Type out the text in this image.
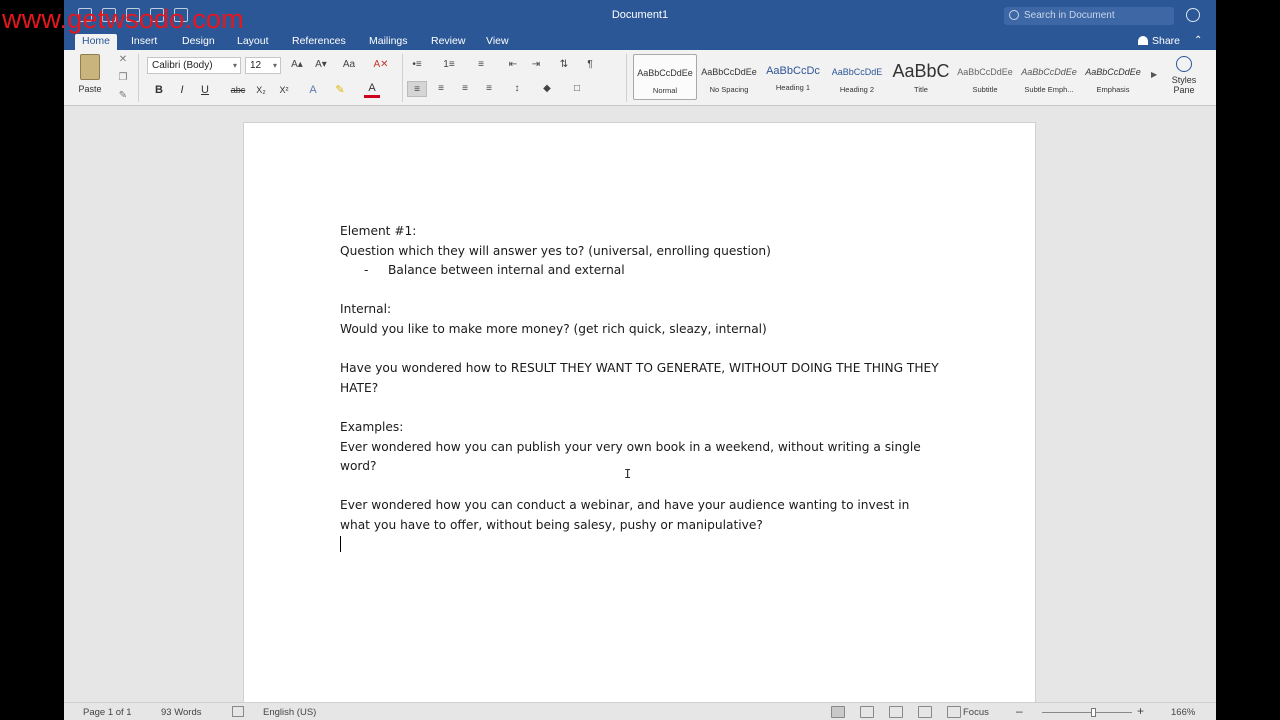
Document1	Search in Document
Home	Insert	Design	Layout	References	Mailings	Review	View	Share ⌃
Paste
✕
❐
✎
Calibri (Body)	▾	12 ▾	A▴	A▾	Aa	A✕
B	I	U	abc	X₂	X²	A	✎	A
•≡	1≡	≡	⇤	⇥	⇅	¶
≡	≡	≡	≡	↕	◆	□
AaBbCcDdEe
Normal
AaBbCcDdEe
No Spacing
AaBbCcDc
Heading 1
AaBbCcDdE
Heading 2
AaBbC
Title
AaBbCcDdEe
Subtitle
AaBbCcDdEe
Subtle Emph...
AaBbCcDdEe
Emphasis
▶
Styles
Pane
Element #1:
Question which they will answer yes to? (universal, enrolling question)
- Balance between internal and external
Internal:
Would you like to make more money? (get rich quick, sleazy, internal)
Have you wondered how to RESULT THEY WANT TO GENERATE, WITHOUT DOING THE THING THEY HATE?
Examples:
Ever wondered how you can publish your very own book in a weekend, without writing a single word?
Ever wondered how you can conduct a webinar, and have your audience wanting to invest in what you have to offer, without being salesy, pushy or manipulative?
I
Page 1 of 1	93 Words	English (US)	Focus –	+	166%
www.getwsodo.com
